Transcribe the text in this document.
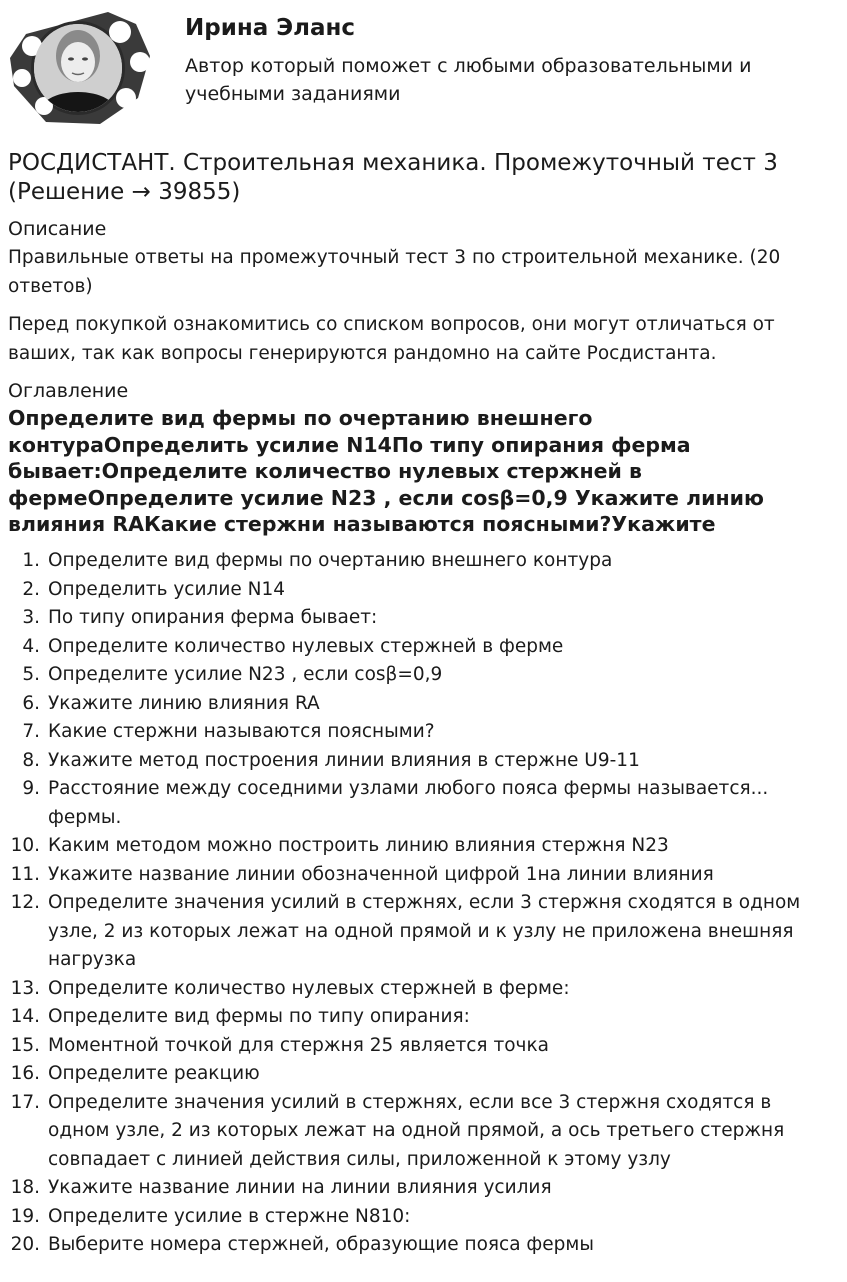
Ирина Эланс

Автор который поможет с любыми образовательными и учебными заданиями

РОСДИСТАНТ. Строительная механика. Промежуточный тест 3 (Решение → 39855)

Описание

Правильные ответы на промежуточный тест 3 по строительной механике. (20 ответов)

Перед покупкой ознакомитись со списком вопросов, они могут отличаться от ваших, так как вопросы генерируются рандомно на сайте Росдистанта.

Оглавление

Определите вид фермы по очертанию внешнего контураОпределить усилие N14По типу опирания ферма бывает:Определите количество нулевых стержней в фермеОпределите усилие N23 , если cosβ=0,9 Укажите линию влияния RAКакие стержни называются поясными?Укажите

1. Определите вид фермы по очертанию внешнего контура
2. Определить усилие N14
3. По типу опирания ферма бывает:
4. Определите количество нулевых стержней в ферме
5. Определите усилие N23 , если cosβ=0,9
6. Укажите линию влияния RA
7. Какие стержни называются поясными?
8. Укажите метод построения линии влияния в стержне U9-11
9. Расстояние между соседними узлами любого пояса фермы называется... фермы.
10. Каким методом можно построить линию влияния стержня N23
11. Укажите название линии обозначенной цифрой 1на линии влияния
12. Определите значения усилий в стержнях, если 3 стержня сходятся в одном узле, 2 из которых лежат на одной прямой и к узлу не приложена внешняя нагрузка
13. Определите количество нулевых стержней в ферме:
14. Определите вид фермы по типу опирания:
15. Моментной точкой для стержня 25 является точка
16. Определите реакцию
17. Определите значения усилий в стержнях, если все 3 стержня сходятся в одном узле, 2 из которых лежат на одной прямой, а ось третьего стержня совпадает с линией действия силы, приложенной к этому узлу
18. Укажите название линии на линии влияния усилия
19. Определите усилие в стержне N810:
20. Выберите номера стержней, образующие пояса фермы
